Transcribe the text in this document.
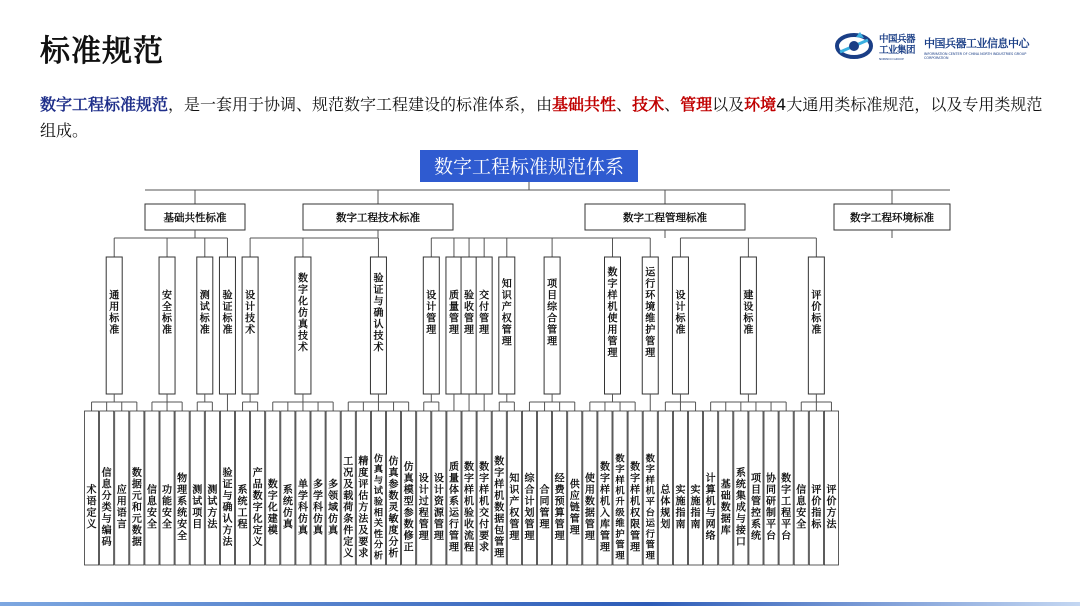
标准规范	中国兵器工业集团
中国兵器工业信息中心
NORINCO GROUP
INFORMATION CENTER OF CHINA NORTH INDUSTRIES GROUP CORPORATION

数字工程标准规范，是一套用于协调、规范数字工程建设的标准体系，由基础共性、技术、管理以及环境4大通用类标准规范，以及专用类规范组成。

数字工程标准规范体系
基础共性标准
通
用
标
准
术
语
定
义
信
息
分
类
与
编
码
应
用
语
言
数
据
元
和
元
数
据
安
全
标
准
信
息
安
全
功
能
安
全
物
理
系
统
安
全
测
试
标
准
测
试
项
目
测
试
方
法
验
证
标
准
验
证
与
确
认
方
法
数字工程技术标准
设
计
技
术
系
统
工
程
产
品
数
字
化
定
义
数
字
化
仿
真
技
术
数
字
化
建
模
系
统
仿
真
单
学
科
仿
真
多
学
科
仿
真
多
领
域
仿
真
验
证
与
确
认
技
术
工
况
及
载
荷
条
件
定
义
精
度
评
估
方
法
及
要
求
仿
真
与
试
验
相
关
性
分
析
仿
真
参
数
灵
敏
度
分
析
仿
真
模
型
参
数
修
正
数字工程管理标准
设
计
管
理
设
计
过
程
管
理
设
计
资
源
管
理
质
量
管
理
质
量
体
系
运
行
管
理
验
收
管
理
数
字
样
机
验
收
流
程
交
付
管
理
数
字
样
机
交
付
要
求
知
识
产
权
管
理
数
字
样
机
数
据
包
管
理
知
识
产
权
管
理
项
目
综
合
管
理
综
合
计
划
管
理
合
同
管
理
经
费
预
算
管
理
供
应
链
管
理
数
字
样
机
使
用
管
理
使
用
数
据
管
理
数
字
样
机
入
库
管
理
数
字
样
机
升
级
维
护
管
理
数
字
样
机
权
限
管
理
运
行
环
境
维
护
管
理
数
字
样
机
平
台
运
行
管
理
数字工程环境标准
设
计
标
准
总
体
规
划
实
施
指
南
实
施
指
南
建
设
标
准
计
算
机
与
网
络
基
础
数
据
库
系
统
集
成
与
接
口
项
目
管
控
系
统
协
同
研
制
平
台
数
字
工
程
平
台
评
价
标
准
信
息
安
全
评
价
指
标
评
价
方
法
